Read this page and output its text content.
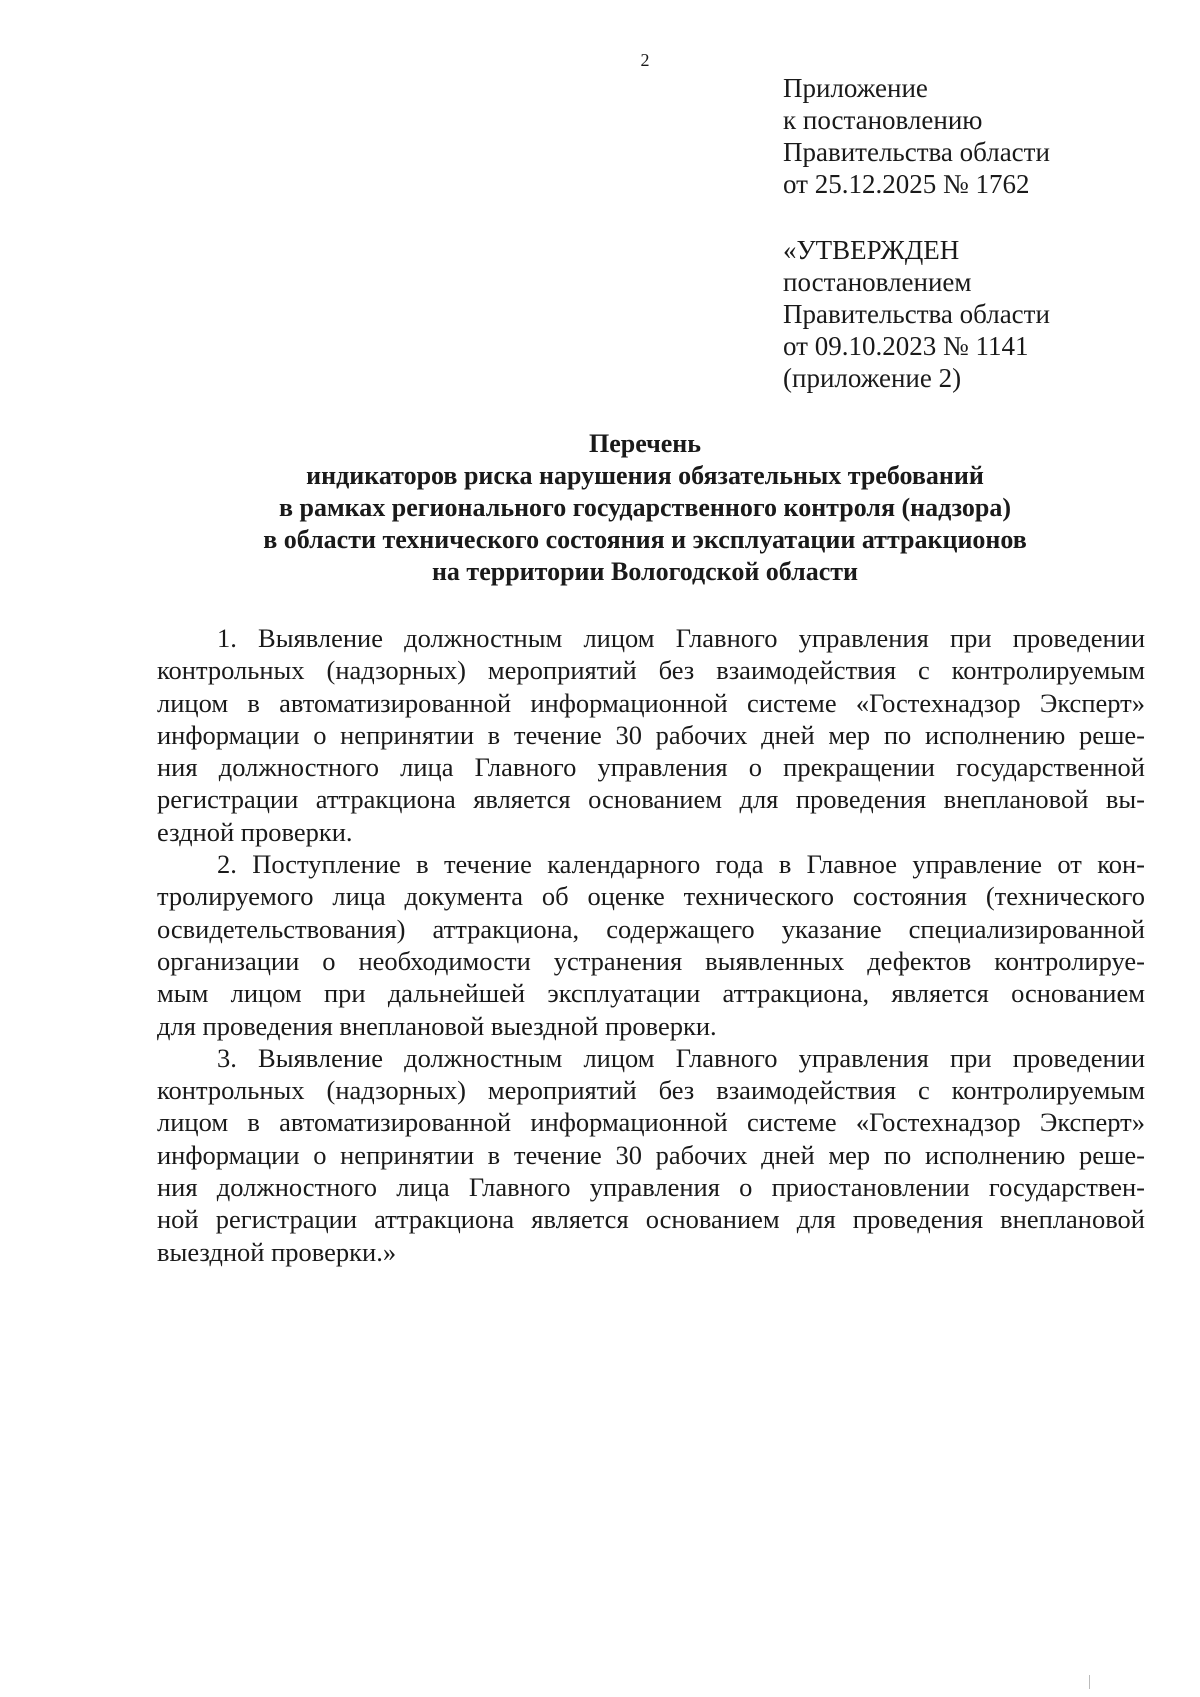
2
Приложение
к постановлению
Правительства области
от 25.12.2025 № 1762
«УТВЕРЖДЕН
постановлением
Правительства области
от 09.10.2023 № 1141
(приложение 2)
Перечень
индикаторов риска нарушения обязательных требований
в рамках регионального государственного контроля (надзора)
в области технического состояния и эксплуатации аттракционов
на территории Вологодской области
1. Выявление должностным лицом Главного управления при проведении
контрольных (надзорных) мероприятий без взаимодействия с контролируемым
лицом в автоматизированной информационной системе «Гостехнадзор Эксперт»
информации о непринятии в течение 30 рабочих дней мер по исполнению реше-
ния должностного лица Главного управления о прекращении государственной
регистрации аттракциона является основанием для проведения внеплановой вы-
ездной проверки.
2. Поступление в течение календарного года в Главное управление от кон-
тролируемого лица документа об оценке технического состояния (технического
освидетельствования) аттракциона, содержащего указание специализированной
организации о необходимости устранения выявленных дефектов контролируе-
мым лицом при дальнейшей эксплуатации аттракциона, является основанием
для проведения внеплановой выездной проверки.
3. Выявление должностным лицом Главного управления при проведении
контрольных (надзорных) мероприятий без взаимодействия с контролируемым
лицом в автоматизированной информационной системе «Гостехнадзор Эксперт»
информации о непринятии в течение 30 рабочих дней мер по исполнению реше-
ния должностного лица Главного управления о приостановлении государствен-
ной регистрации аттракциона является основанием для проведения внеплановой
выездной проверки.»
